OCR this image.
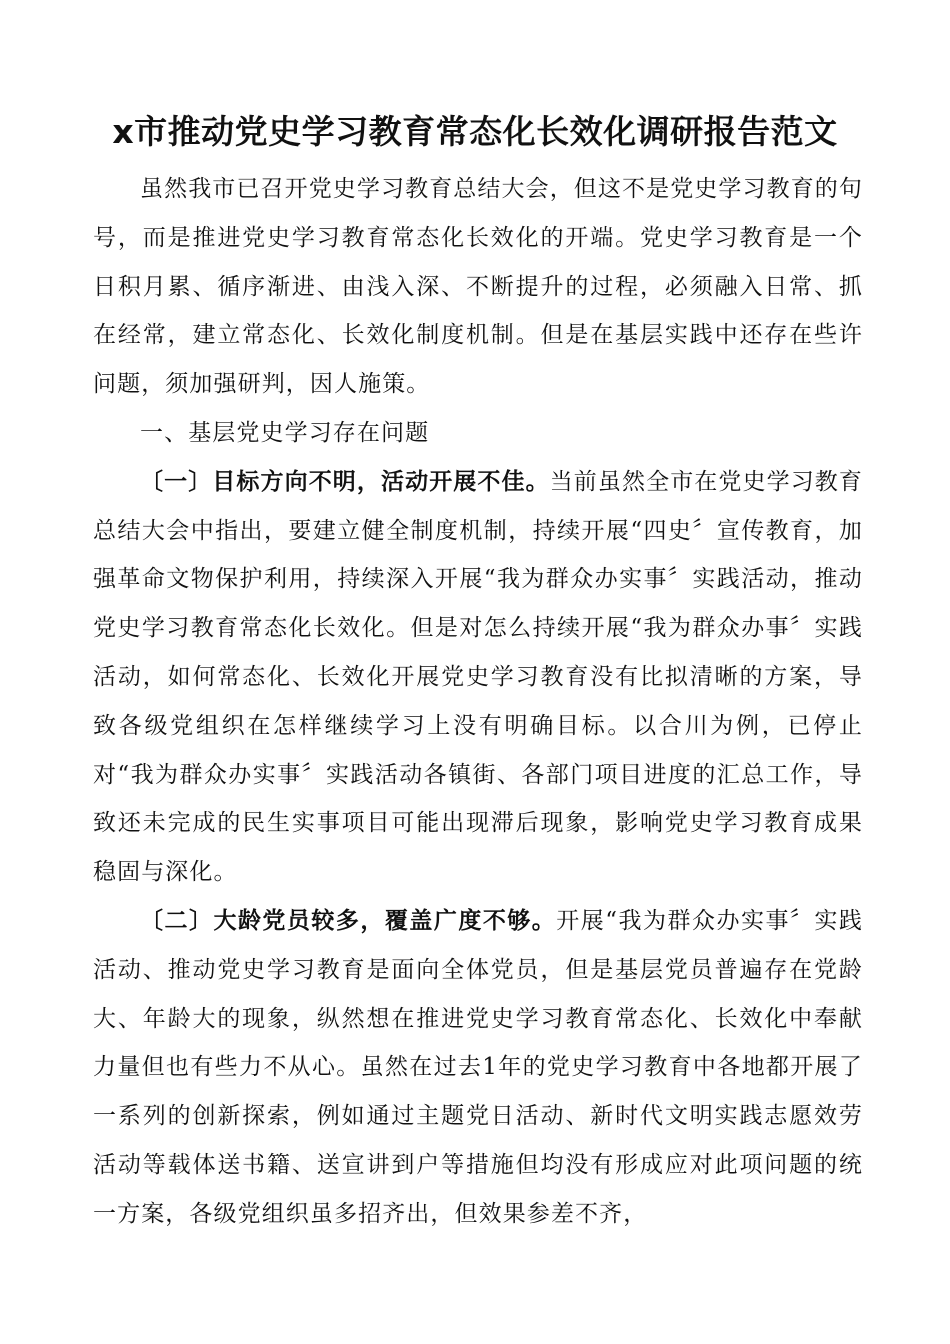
x市推动党史学习教育常态化长效化调研报告范文

虽然我市已召开党史学习教育总结大会，但这不是党史学习教育的句号，而是推进党史学习教育常态化长效化的开端。党史学习教育是一个日积月累、循序渐进、由浅入深、不断提升的过程，必须融入日常、抓在经常，建立常态化、长效化制度机制。但是在基层实践中还存在些许问题，须加强研判，因人施策。

一、基层党史学习存在问题

〔一〕目标方向不明，活动开展不佳。当前虽然全市在党史学习教育总结大会中指出，要建立健全制度机制，持续开展“四史〞宣传教育，加强革命文物保护利用，持续深入开展“我为群众办实事〞实践活动，推动党史学习教育常态化长效化。但是对怎么持续开展“我为群众办事〞实践活动，如何常态化、长效化开展党史学习教育没有比拟清晰的方案，导致各级党组织在怎样继续学习上没有明确目标。以合川为例，已停止对“我为群众办实事〞实践活动各镇街、各部门项目进度的汇总工作，导致还未完成的民生实事项目可能出现滞后现象，影响党史学习教育成果稳固与深化。

〔二〕大龄党员较多，覆盖广度不够。开展“我为群众办实事〞实践活动、推动党史学习教育是面向全体党员，但是基层党员普遍存在党龄大、年龄大的现象，纵然想在推进党史学习教育常态化、长效化中奉献力量但也有些力不从心。虽然在过去1年的党史学习教育中各地都开展了一系列的创新探索，例如通过主题党日活动、新时代文明实践志愿效劳活动等载体送书籍、送宣讲到户等措施但均没有形成应对此项问题的统一方案，各级党组织虽多招齐出，但效果参差不齐，
